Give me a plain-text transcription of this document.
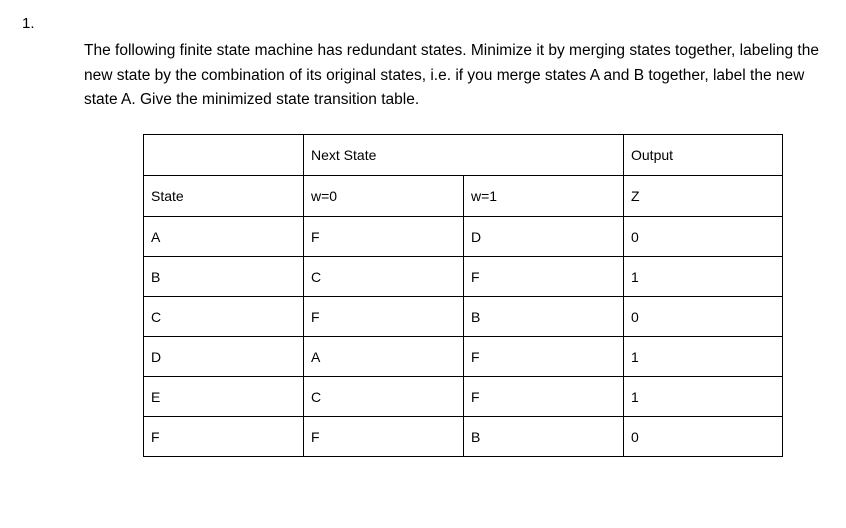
1.

The following finite state machine has redundant states. Minimize it by merging states together, labeling the new state by the combination of its original states, i.e. if you merge states A and B together, label the new state A. Give the minimized state transition table.

	Next State		Output
State	w=0	w=1	Z
A	F	D	0
B	C	F	1
C	F	B	0
D	A	F	1
E	C	F	1
F	F	B	0
